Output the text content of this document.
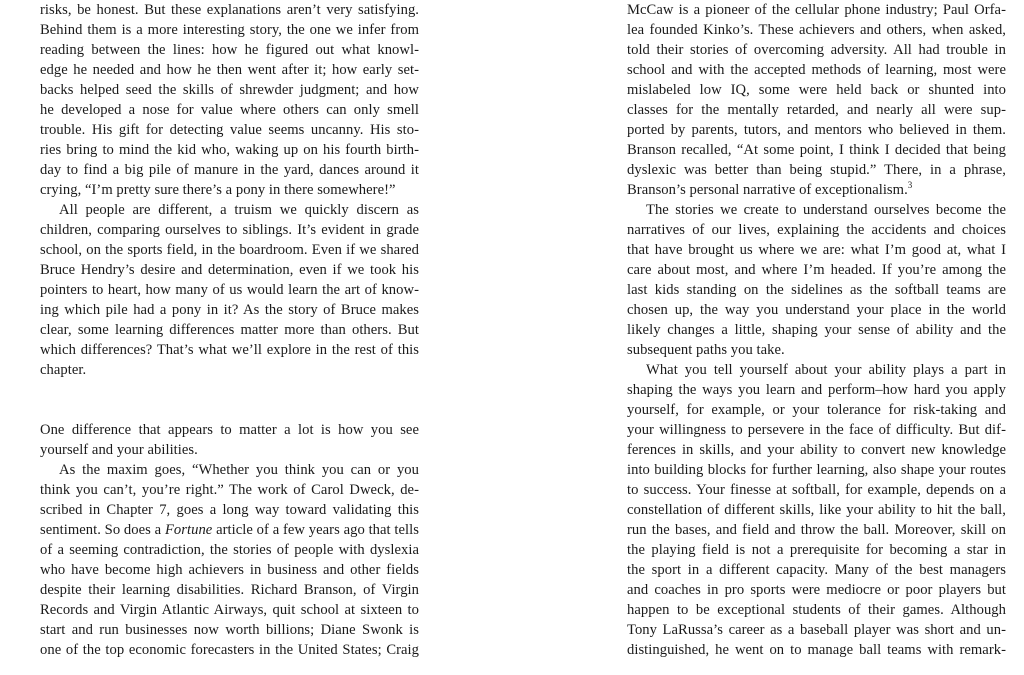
risks, be honest. But these explanations aren’t very satisfying.
Behind them is a more interesting story, the one we infer from
reading between the lines: how he figured out what knowl-
edge he needed and how he then went after it; how early set-
backs helped seed the skills of shrewder judgment; and how
he developed a nose for value where others can only smell
trouble. His gift for detecting value seems uncanny. His sto-
ries bring to mind the kid who, waking up on his fourth birth-
day to find a big pile of manure in the yard, dances around it
crying, “I’m pretty sure there’s a pony in there somewhere!”
All people are different, a truism we quickly discern as
children, comparing ourselves to siblings. It’s evident in grade
school, on the sports field, in the boardroom. Even if we shared
Bruce Hendry’s desire and determination, even if we took his
pointers to heart, how many of us would learn the art of know-
ing which pile had a pony in it? As the story of Bruce makes
clear, some learning differences matter more than others. But
which differences? That’s what we’ll explore in the rest of this
chapter.
One difference that appears to matter a lot is how you see
yourself and your abilities.
As the maxim goes, “Whether you think you can or you
think you can’t, you’re right.” The work of Carol Dweck, de-
scribed in Chapter 7, goes a long way toward validating this
sentiment. So does a Fortune article of a few years ago that tells
of a seeming contradiction, the stories of people with dyslexia
who have become high achievers in business and other fields
despite their learning disabilities. Richard Branson, of Virgin
Records and Virgin Atlantic Airways, quit school at sixteen to
start and run businesses now worth billions; Diane Swonk is
one of the top economic forecasters in the United States; Craig
McCaw is a pioneer of the cellular phone industry; Paul Orfa-
lea founded Kinko’s. These achievers and others, when asked,
told their stories of overcoming adversity. All had trouble in
school and with the accepted methods of learning, most were
mislabeled low IQ, some were held back or shunted into
classes for the mentally retarded, and nearly all were sup-
ported by parents, tutors, and mentors who believed in them.
Branson recalled, “At some point, I think I decided that being
dyslexic was better than being stupid.” There, in a phrase,
Branson’s personal narrative of exceptionalism.$^3$
The stories we create to understand ourselves become the
narratives of our lives, explaining the accidents and choices
that have brought us where we are: what I’m good at, what I
care about most, and where I’m headed. If you’re among the
last kids standing on the sidelines as the softball teams are
chosen up, the way you understand your place in the world
likely changes a little, shaping your sense of ability and the
subsequent paths you take.
What you tell yourself about your ability plays a part in
shaping the ways you learn and perform–how hard you apply
yourself, for example, or your tolerance for risk-taking and
your willingness to persevere in the face of difficulty. But dif-
ferences in skills, and your ability to convert new knowledge
into building blocks for further learning, also shape your routes
to success. Your finesse at softball, for example, depends on a
constellation of different skills, like your ability to hit the ball,
run the bases, and field and throw the ball. Moreover, skill on
the playing field is not a prerequisite for becoming a star in
the sport in a different capacity. Many of the best managers
and coaches in pro sports were mediocre or poor players but
happen to be exceptional students of their games. Although
Tony LaRussa’s career as a baseball player was short and un-
distinguished, he went on to manage ball teams with remark-
